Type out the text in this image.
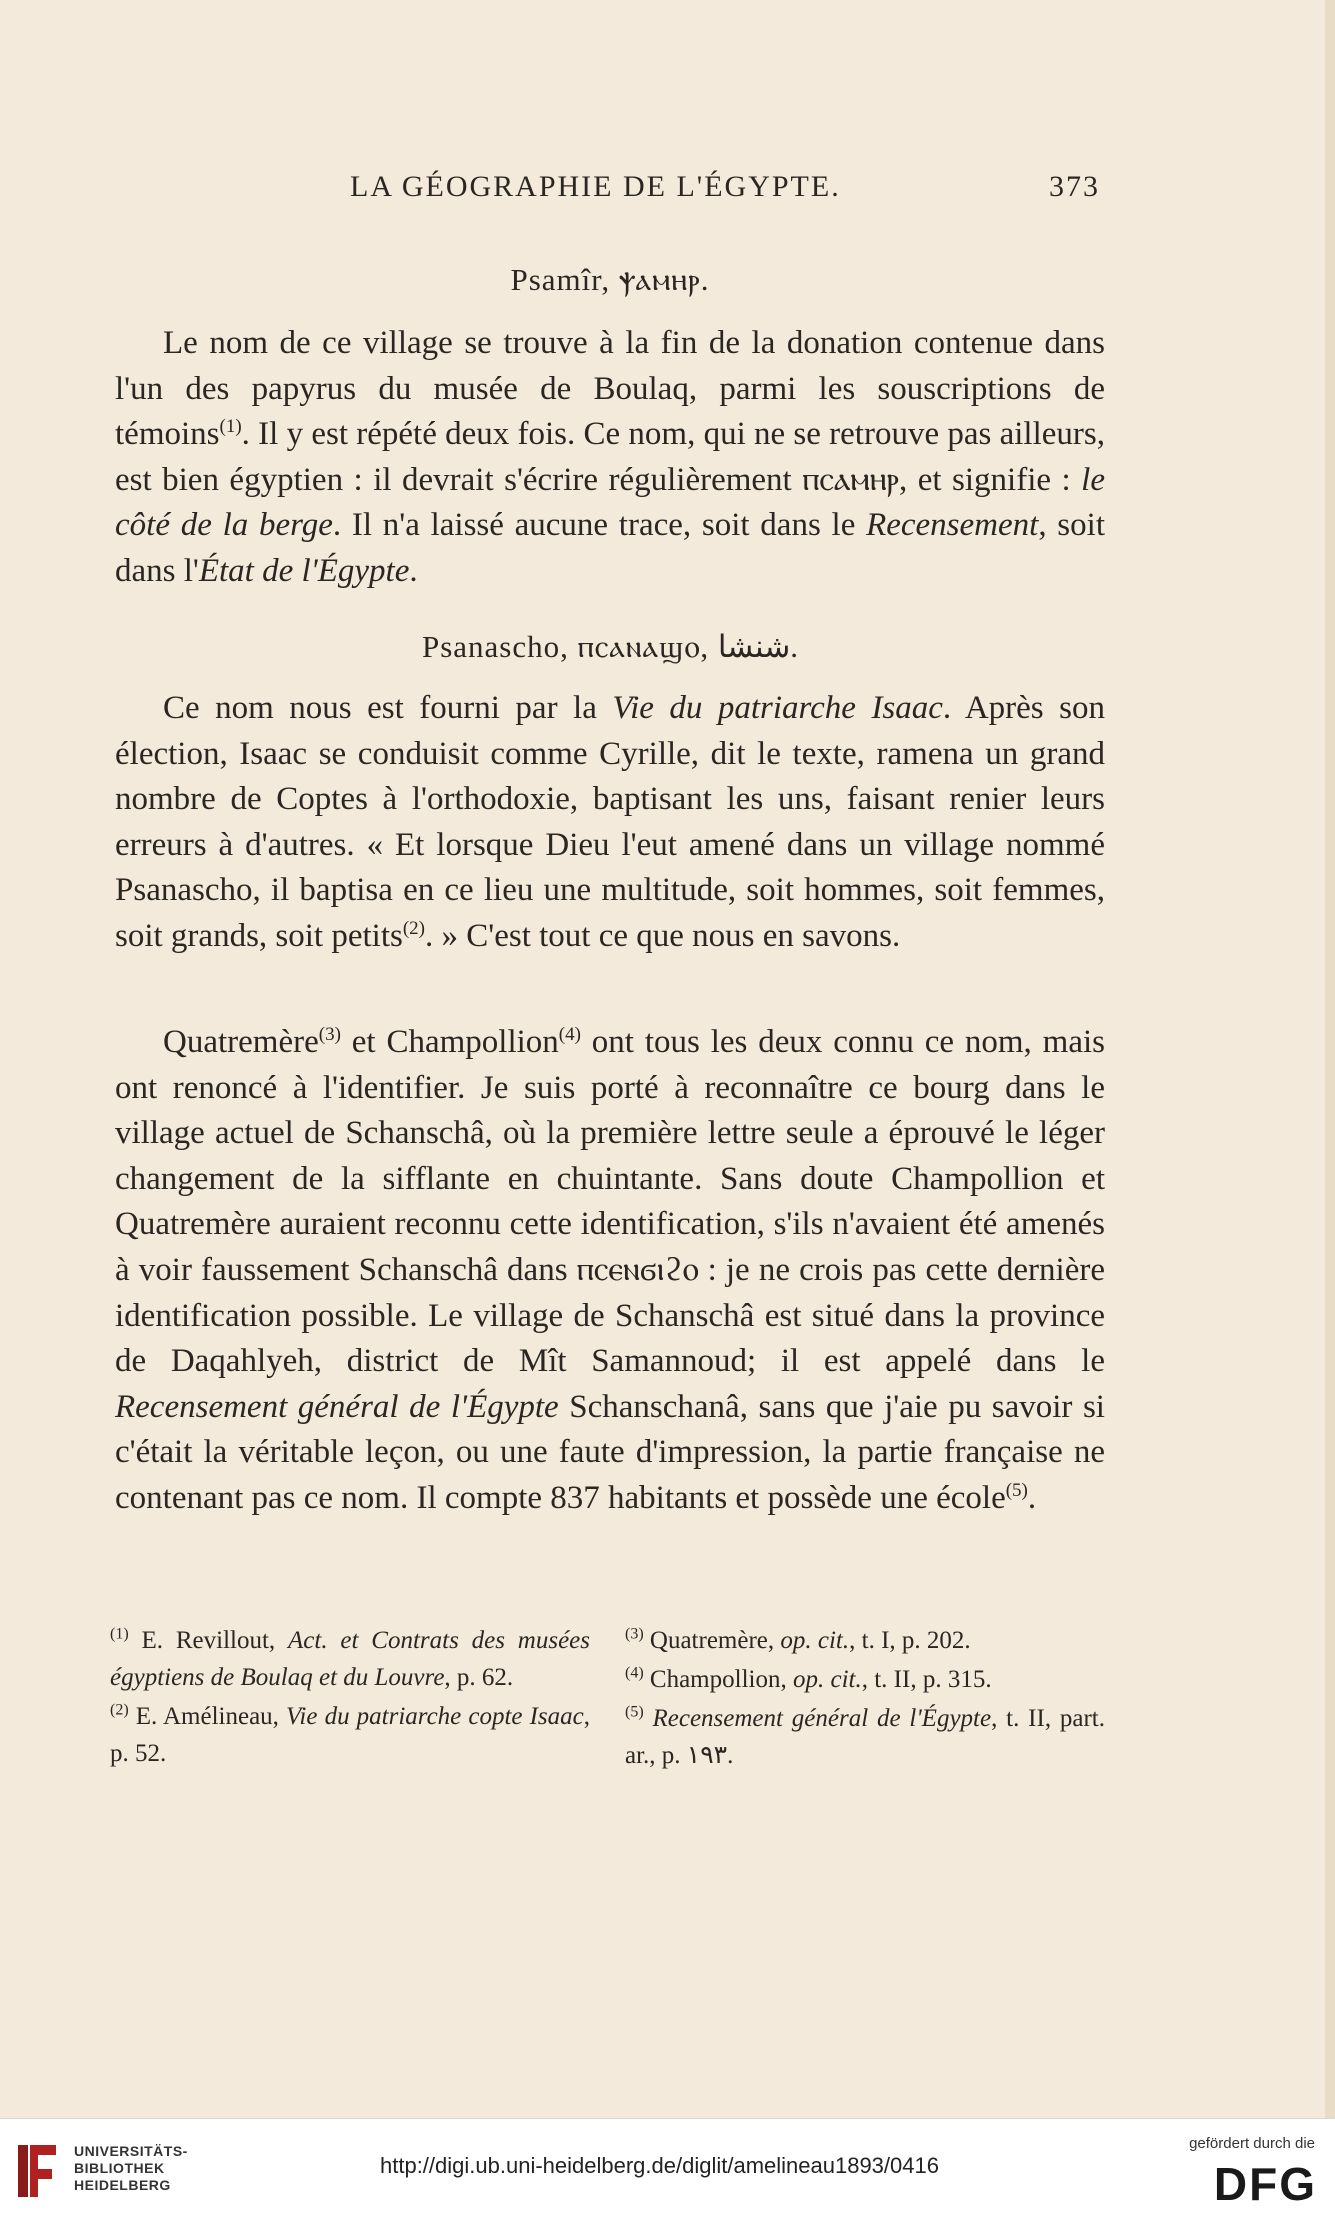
LA GÉOGRAPHIE DE L'ÉGYPTE.	373
Psamîr, ⲯⲁⲙⲏⲣ.
Le nom de ce village se trouve à la fin de la donation contenue dans l'un des papyrus du musée de Boulaq, parmi les souscriptions de témoins$^{(1)}$. Il y est répété deux fois. Ce nom, qui ne se retrouve pas ailleurs, est bien égyptien : il devrait s'écrire régulièrement ⲡⲥⲁⲙⲏⲣ, et signifie : le côté de la berge. Il n'a laissé aucune trace, soit dans le Recensement, soit dans l'État de l'Égypte.
Psanascho, ⲡⲥⲁⲛⲁϣⲟ, شنشا.
Ce nom nous est fourni par la Vie du patriarche Isaac. Après son élection, Isaac se conduisit comme Cyrille, dit le texte, ramena un grand nombre de Coptes à l'orthodoxie, baptisant les uns, faisant renier leurs erreurs à d'autres. « Et lorsque Dieu l'eut amené dans un village nommé Psanascho, il baptisa en ce lieu une multitude, soit hommes, soit femmes, soit grands, soit petits$^{(2)}$. » C'est tout ce que nous en savons.
Quatremère$^{(3)}$ et Champollion$^{(4)}$ ont tous les deux connu ce nom, mais ont renoncé à l'identifier. Je suis porté à reconnaître ce bourg dans le village actuel de Schanschâ, où la première lettre seule a éprouvé le léger changement de la sifflante en chuintante. Sans doute Champollion et Quatremère auraient reconnu cette identification, s'ils n'avaient été amenés à voir faussement Schanschâ dans ⲡⲥⲉⲛϭⲓϩⲟ : je ne crois pas cette dernière identification possible. Le village de Schanschâ est situé dans la province de Daqahlyeh, district de Mît Samannoud; il est appelé dans le Recensement général de l'Égypte Schanschanâ, sans que j'aie pu savoir si c'était la véritable leçon, ou une faute d'impression, la partie française ne contenant pas ce nom. Il compte 837 habitants et possède une école$^{(5)}$.

$^{(1)}$ E. Revillout, Act. et Contrats des musées égyptiens de Boulaq et du Louvre, p. 62.

$^{(2)}$ E. Amélineau, Vie du patriarche copte Isaac, p. 52.

$^{(3)}$ Quatremère, op. cit., t. I, p. 202.

$^{(4)}$ Champollion, op. cit., t. II, p. 315.

$^{(5)}$ Recensement général de l'Égypte, t. II, part. ar., p. ١٩٣.

UNIVERSITÄTS-
BIBLIOTHEK
HEIDELBERG
http://digi.ub.uni-heidelberg.de/diglit/amelineau1893/0416
gefördert durch die
DFG
